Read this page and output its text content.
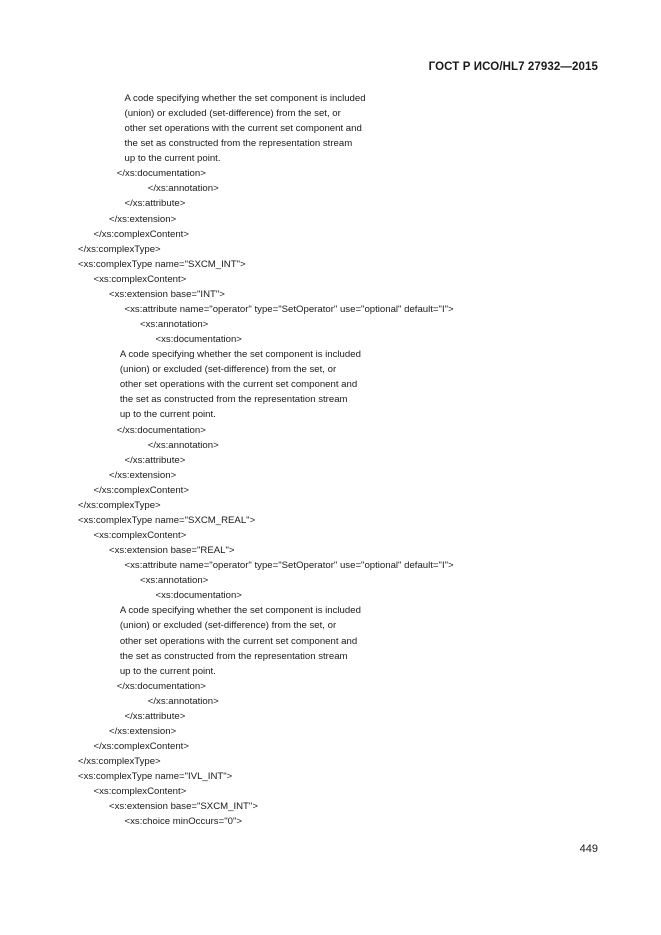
ГОСТ Р ИСО/HL7 27932—2015
A code specifying whether the set component is included
(union) or excluded (set-difference) from the set, or
other set operations with the current set component and
the set as constructed from the representation stream
up to the current point.
</xs:documentation>
</xs:annotation>
</xs:attribute>
</xs:extension>
</xs:complexContent>
</xs:complexType>
<xs:complexType name="SXCM_INT">
<xs:complexContent>
<xs:extension base="INT">
<xs:attribute name="operator" type="SetOperator" use="optional" default="I">
<xs:annotation>
<xs:documentation>
A code specifying whether the set component is included
(union) or excluded (set-difference) from the set, or
other set operations with the current set component and
the set as constructed from the representation stream
up to the current point.
</xs:documentation>
</xs:annotation>
</xs:attribute>
</xs:extension>
</xs:complexContent>
</xs:complexType>
<xs:complexType name="SXCM_REAL">
<xs:complexContent>
<xs:extension base="REAL">
<xs:attribute name="operator" type="SetOperator" use="optional" default="I">
<xs:annotation>
<xs:documentation>
A code specifying whether the set component is included
(union) or excluded (set-difference) from the set, or
other set operations with the current set component and
the set as constructed from the representation stream
up to the current point.
</xs:documentation>
</xs:annotation>
</xs:attribute>
</xs:extension>
</xs:complexContent>
</xs:complexType>
<xs:complexType name="IVL_INT">
<xs:complexContent>
<xs:extension base="SXCM_INT">
<xs:choice minOccurs="0">
449
